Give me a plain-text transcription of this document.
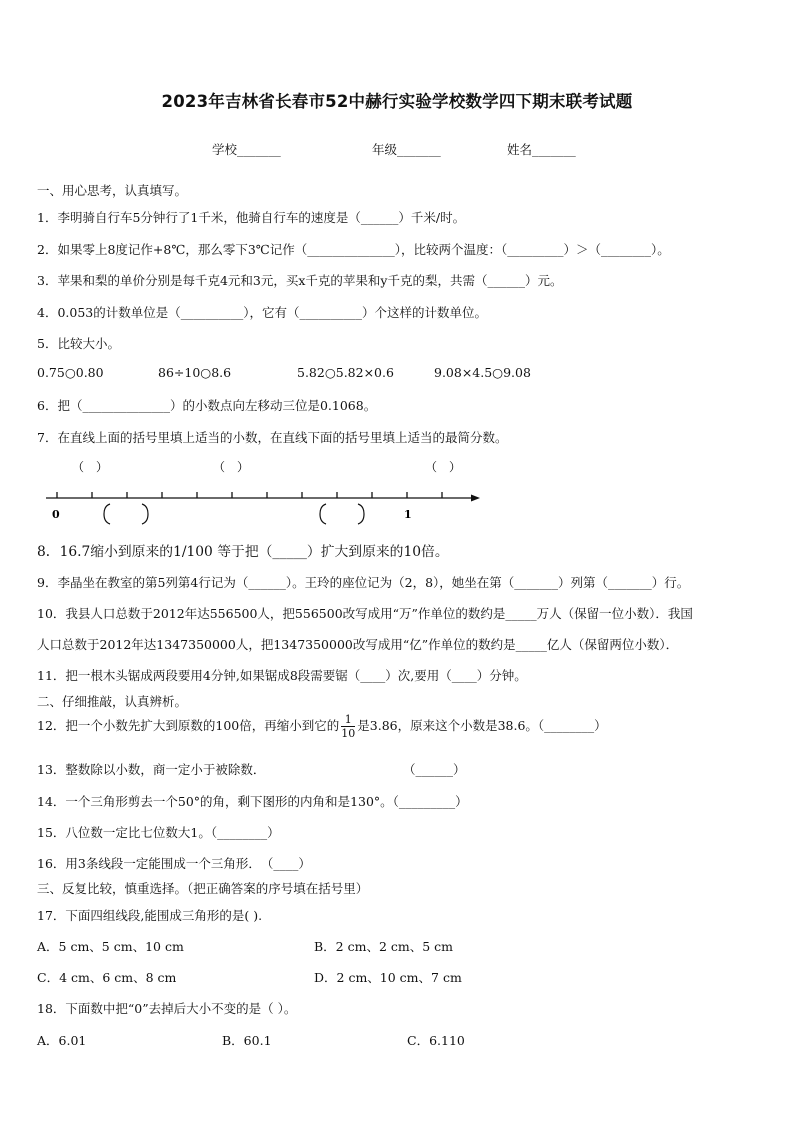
2023年吉林省长春市52中赫行实验学校数学四下期末联考试题
学校_______	年级_______	姓名_______
一、用心思考，认真填写。
1．李明骑自行车5分钟行了1千米，他骑自行车的速度是（______）千米/时。
2．如果零上8度记作+8℃，那么零下3℃记作（______________），比较两个温度：（_________）＞（________）。
3．苹果和梨的单价分别是每千克4元和3元，买x千克的苹果和y千克的梨，共需（______）元。
4．0.053的计数单位是（__________），它有（__________）个这样的计数单位。
5．比较大小。
0.75○0.80	86÷10○8.6	5.82○5.82×0.6	9.08×4.5○9.08
6．把（______________）的小数点向左移动三位是0.1068。
7．在直线上面的括号里填上适当的小数，在直线下面的括号里填上适当的最简分数。
（　）	（　）	（　）
0	1
8．16.7缩小到原来的1/100 等于把（_____）扩大到原来的10倍。
9．李晶坐在教室的第5列第4行记为（______）。王玲的座位记为（2，8），她坐在第（_______）列第（_______）行。
10．我县人口总数于2012年达556500人，把556500改写成用“万”作单位的数约是_____万人（保留一位小数）．我国
人口总数于2012年达1347350000人，把1347350000改写成用“亿”作单位的数约是_____亿人（保留两位小数）．
11．把一根木头锯成两段要用4分钟,如果锯成8段需要锯（____）次,要用（____）分钟。
二、仔细推敲，认真辨析。
12．把一个小数先扩大到原数的100倍，再缩小到它的 $\frac{1}{10}$ 是3.86，原来这个小数是38.6。（________）
13．整数除以小数，商一定小于被除数．	（______）
14．一个三角形剪去一个50°的角，剩下图形的内角和是130°。（_________）
15．八位数一定比七位数大1。（________）
16．用3条线段一定能围成一个三角形．　（____）
三、反复比较，慎重选择。（把正确答案的序号填在括号里）
17．下面四组线段,能围成三角形的是( ).
A．5 cm、5 cm、10 cm	B．2 cm、2 cm、5 cm
C．4 cm、6 cm、8 cm	D．2 cm、10 cm、7 cm
18．下面数中把“0”去掉后大小不变的是（ ）。
A．6.01	B．60.1	C．6.110
